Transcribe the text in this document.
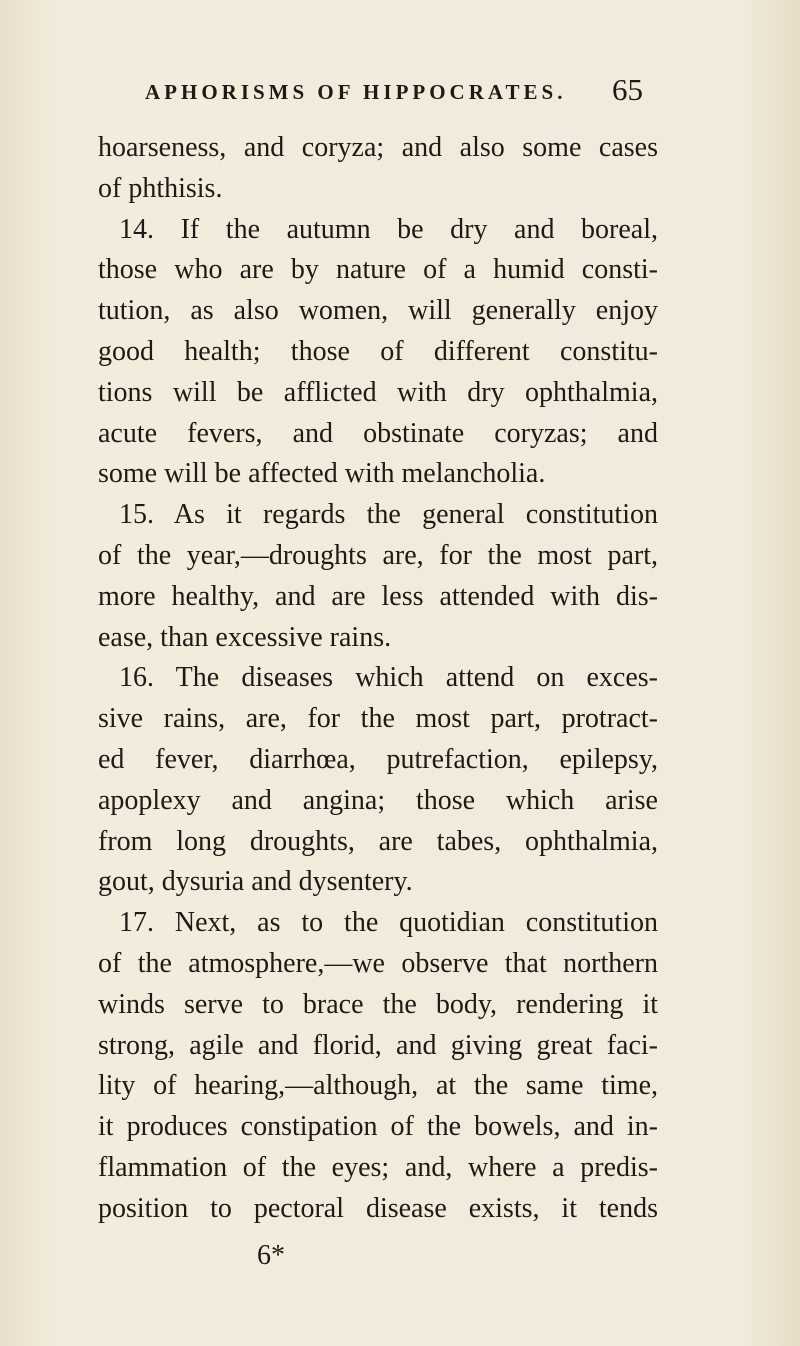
APHORISMS OF HIPPOCRATES. 65
hoarseness, and coryza; and also some cases
of phthisis.
14. If the autumn be dry and boreal,
those who are by nature of a humid consti-
tution, as also women, will generally enjoy
good health; those of different constitu-
tions will be afflicted with dry ophthalmia,
acute fevers, and obstinate coryzas; and
some will be affected with melancholia.
15. As it regards the general constitution
of the year,—droughts are, for the most part,
more healthy, and are less attended with dis-
ease, than excessive rains.
16. The diseases which attend on exces-
sive rains, are, for the most part, protract-
ed fever, diarrhœa, putrefaction, epilepsy,
apoplexy and angina; those which arise
from long droughts, are tabes, ophthalmia,
gout, dysuria and dysentery.
17. Next, as to the quotidian constitution
of the atmosphere,—we observe that northern
winds serve to brace the body, rendering it
strong, agile and florid, and giving great faci-
lity of hearing,—although, at the same time,
it produces constipation of the bowels, and in-
flammation of the eyes; and, where a predis-
position to pectoral disease exists, it tends
6*
